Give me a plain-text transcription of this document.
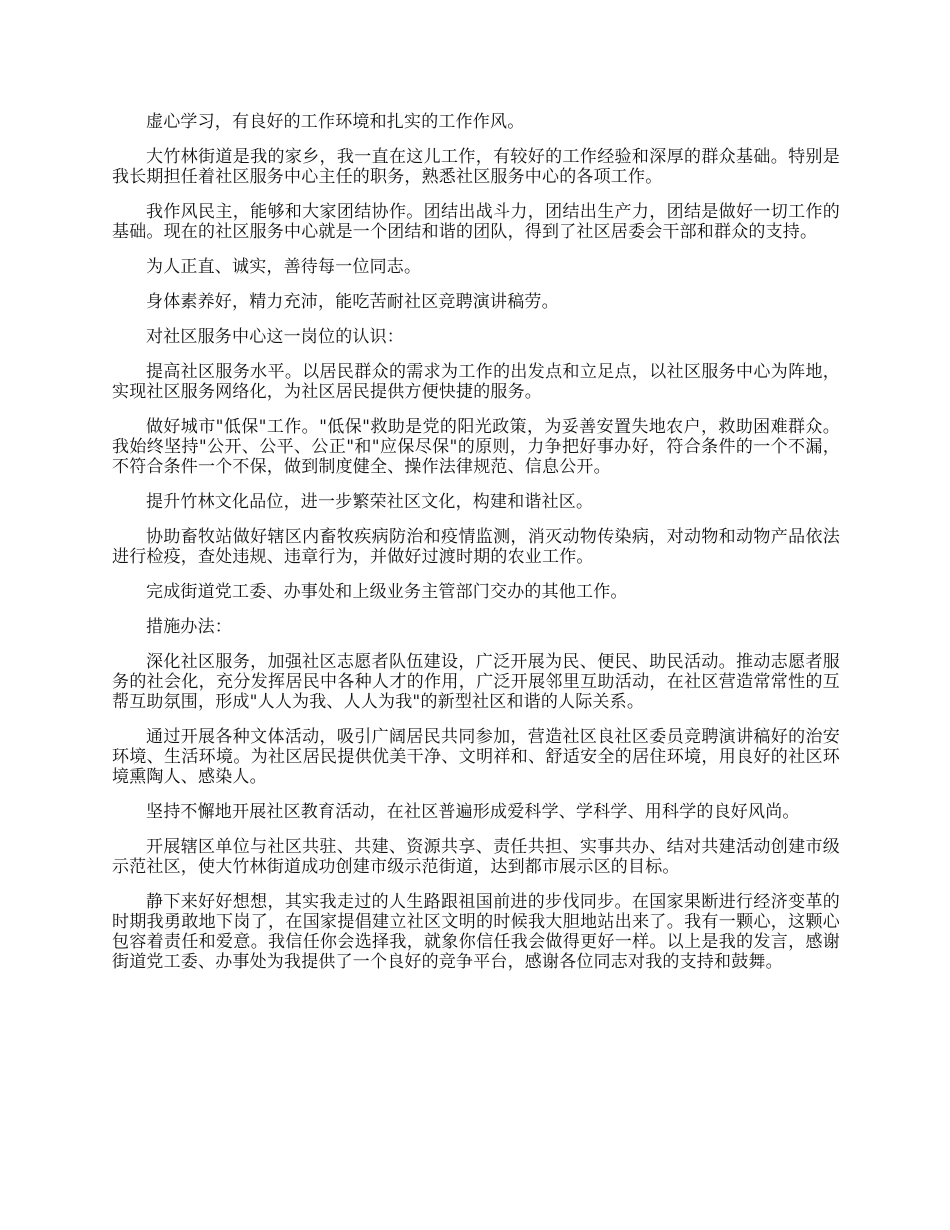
虚心学习，有良好的工作环境和扎实的工作作风。

大竹林街道是我的家乡，我一直在这儿工作，有较好的工作经验和深厚的群众基础。特别是我长期担任着社区服务中心主任的职务，熟悉社区服务中心的各项工作。

我作风民主，能够和大家团结协作。团结出战斗力，团结出生产力，团结是做好一切工作的基础。现在的社区服务中心就是一个团结和谐的团队，得到了社区居委会干部和群众的支持。

为人正直、诚实，善待每一位同志。

身体素养好，精力充沛，能吃苦耐社区竞聘演讲稿劳。

对社区服务中心这一岗位的认识：

提高社区服务水平。以居民群众的需求为工作的出发点和立足点，以社区服务中心为阵地，实现社区服务网络化，为社区居民提供方便快捷的服务。

做好城市"低保"工作。"低保"救助是党的阳光政策，为妥善安置失地农户，救助困难群众。我始终坚持"公开、公平、公正"和"应保尽保"的原则，力争把好事办好，符合条件的一个不漏，不符合条件一个不保，做到制度健全、操作法律规范、信息公开。

提升竹林文化品位，进一步繁荣社区文化，构建和谐社区。

协助畜牧站做好辖区内畜牧疾病防治和疫情监测，消灭动物传染病，对动物和动物产品依法进行检疫，查处违规、违章行为，并做好过渡时期的农业工作。

完成街道党工委、办事处和上级业务主管部门交办的其他工作。

措施办法：

深化社区服务，加强社区志愿者队伍建设，广泛开展为民、便民、助民活动。推动志愿者服务的社会化，充分发挥居民中各种人才的作用，广泛开展邻里互助活动，在社区营造常常性的互帮互助氛围，形成"人人为我、人人为我"的新型社区和谐的人际关系。

通过开展各种文体活动，吸引广阔居民共同参加，营造社区良社区委员竞聘演讲稿好的治安环境、生活环境。为社区居民提供优美干净、文明祥和、舒适安全的居住环境，用良好的社区环境熏陶人、感染人。

坚持不懈地开展社区教育活动，在社区普遍形成爱科学、学科学、用科学的良好风尚。

开展辖区单位与社区共驻、共建、资源共享、责任共担、实事共办、结对共建活动创建市级示范社区，使大竹林街道成功创建市级示范街道，达到都市展示区的目标。

静下来好好想想，其实我走过的人生路跟祖国前进的步伐同步。在国家果断进行经济变革的时期我勇敢地下岗了，在国家提倡建立社区文明的时候我大胆地站出来了。我有一颗心，这颗心包容着责任和爱意。我信任你会选择我，就象你信任我会做得更好一样。以上是我的发言，感谢街道党工委、办事处为我提供了一个良好的竞争平台，感谢各位同志对我的支持和鼓舞。
